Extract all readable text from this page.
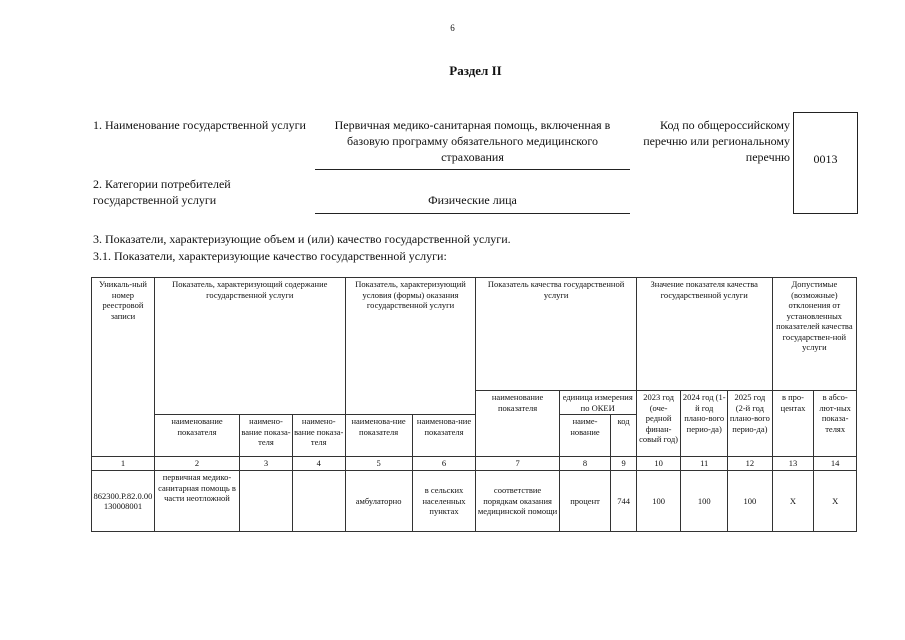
6
Раздел II
1. Наименование государственной услуги	Первичная медико-санитарная помощь, включенная в базовую программу обязательного медицинского страхования
2. Категории потребителей государственной услуги	Физические лица
Код по общероссийскому перечню или региональному перечню	0013
3. Показатели, характеризующие объем и (или) качество государственной услуги.
3.1. Показатели, характеризующие качество государственной услуги:
Уникаль-ный номер реестровой записи	Показатель, характеризующий содержание государственной услуги			Показатель, характеризующий условия (формы) оказания государственной услуги		Показатель качества государственной услуги			Значение показателя качества государственной услуги			Допустимые (возможные) отклонения от установленных показателей качества государствен-ной услуги	
						наименование показателя	единица измерения по ОКЕИ		2023 год (оче-редной финан-совый год)	2024 год (1-й год плано-вого перио-да)	2025 год (2-й год плано-вого перио-да)	в про-центах	в абсо-лют-ных показа-телях
							наиме-нование	код					
	наименование показателя	наимено-вание показа-теля	наимено-вание показа-теля	наименова-ние показателя	наименова-ние показателя								
1	2	3	4	5	6	7	8	9	10	11	12	13	14
862300.Р.82.0.00130008001	первичная медико-санитарная помощь в части неотложной			амбулаторно	в сельских населенных пунктах	соответствие порядкам оказания медицинской помощи	процент	744	100	100	100	Х	Х
